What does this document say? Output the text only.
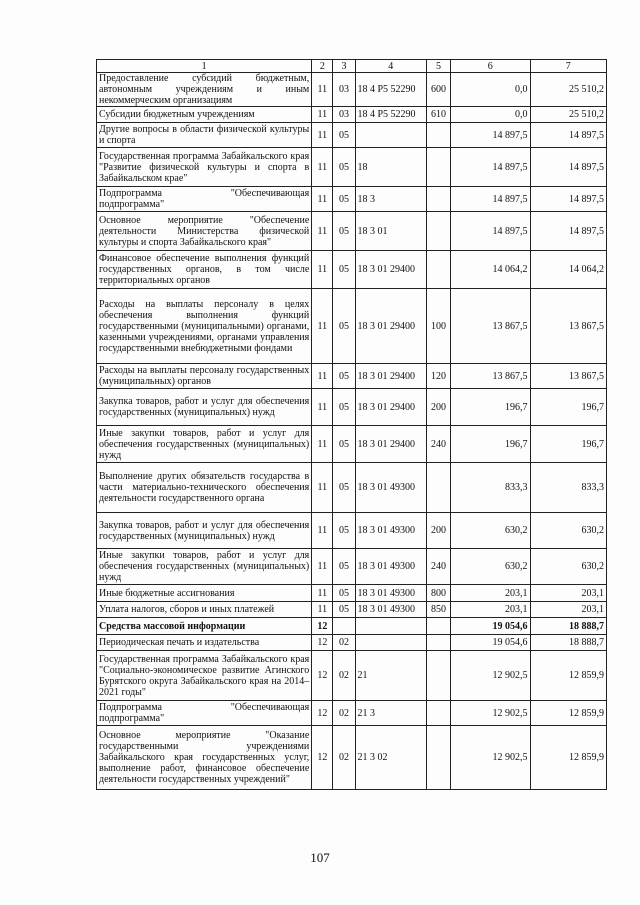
1	2	3	4	5	6	7
Предоставление субсидий бюджетным, автономным учреждениям и иным некоммерческим организациям	11	03	18 4 P5 52290	600	0,0	25 510,2
Субсидии бюджетным учреждениям	11	03	18 4 P5 52290	610	0,0	25 510,2
Другие вопросы в области физической культуры и спорта	11	05			14 897,5	14 897,5
Государственная программа Забайкальского края "Развитие физической культуры и спорта в Забайкальском крае"	11	05	18		14 897,5	14 897,5
Подпрограмма "Обеспечивающая подпрограмма"	11	05	18 3		14 897,5	14 897,5
Основное мероприятие "Обеспечение деятельности Министерства физической культуры и спорта Забайкальского края"	11	05	18 3 01		14 897,5	14 897,5
Финансовое обеспечение выполнения функций государственных органов, в том числе территориальных органов	11	05	18 3 01 29400		14 064,2	14 064,2
Расходы на выплаты персоналу в целях обеспечения выполнения функций государственными (муниципальными) органами, казенными учреждениями, органами управления государственными внебюджетными фондами	11	05	18 3 01 29400	100	13 867,5	13 867,5
Расходы на выплаты персоналу государственных (муниципальных) органов	11	05	18 3 01 29400	120	13 867,5	13 867,5
Закупка товаров, работ и услуг для обеспечения государственных (муниципальных) нужд	11	05	18 3 01 29400	200	196,7	196,7
Иные закупки товаров, работ и услуг для обеспечения государственных (муниципальных) нужд	11	05	18 3 01 29400	240	196,7	196,7
Выполнение других обязательств государства в части материально-технического обеспечения деятельности государственного органа	11	05	18 3 01 49300		833,3	833,3
Закупка товаров, работ и услуг для обеспечения государственных (муниципальных) нужд	11	05	18 3 01 49300	200	630,2	630,2
Иные закупки товаров, работ и услуг для обеспечения государственных (муниципальных) нужд	11	05	18 3 01 49300	240	630,2	630,2
Иные бюджетные ассигнования	11	05	18 3 01 49300	800	203,1	203,1
Уплата налогов, сборов и иных платежей	11	05	18 3 01 49300	850	203,1	203,1
Средства массовой информации	12				19 054,6	18 888,7
Периодическая печать и издательства	12	02			19 054,6	18 888,7
Государственная программа Забайкальского края "Социально-экономическое развитие Агинского Бурятского округа Забайкальского края на 2014–2021 годы"	12	02	21		12 902,5	12 859,9
Подпрограмма "Обеспечивающая подпрограмма"	12	02	21 3		12 902,5	12 859,9
Основное мероприятие "Оказание государственными учреждениями Забайкальского края государственных услуг, выполнение работ, финансовое обеспечение деятельности государственных учреждений"	12	02	21 3 02		12 902,5	12 859,9
107
